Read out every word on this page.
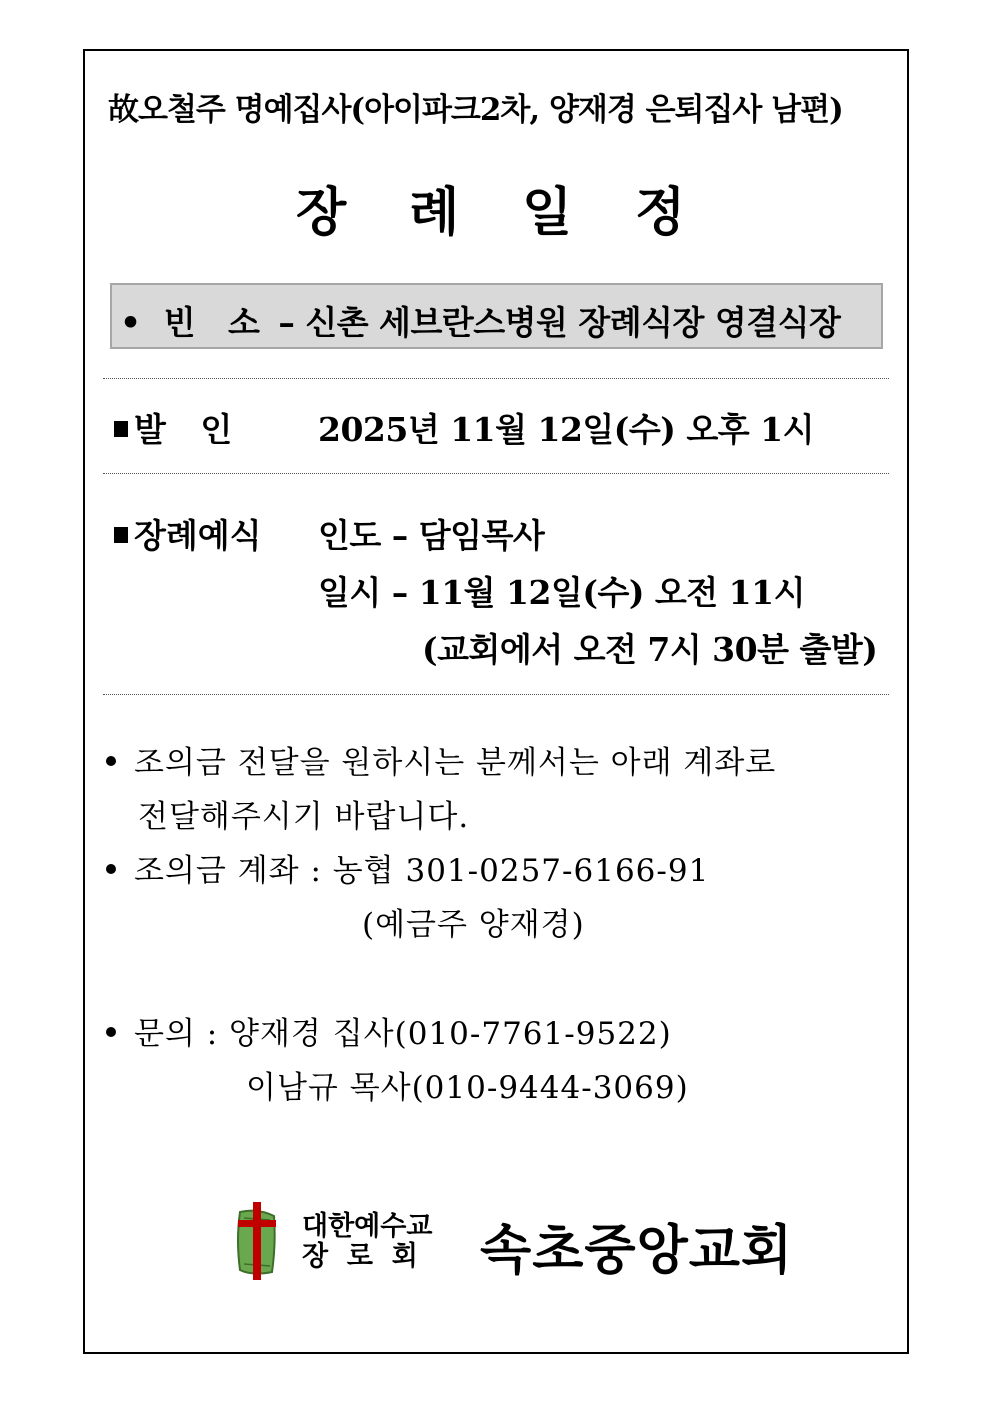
故오철주 명예집사(아이파크2차, 양재경 은퇴집사 남편)
장 례 일 정
• 빈   소 – 신촌 세브란스병원 장례식장 영결식장
발   인	2025년 11월 12일(수) 오후 1시
장례예식 인도 – 담임목사
일시 – 11월 12일(수) 오전 11시
(교회에서 오전 7시 30분 출발)
조의금 전달을 원하시는 분께서는 아래 계좌로
전달해주시기 바랍니다.
조의금 계좌 : 농협 301-0257-6166-91
(예금주 양재경)
문의 : 양재경 집사(010-7761-9522)
이남규 목사(010-9444-3069)
대한예수교
장  로  회 속초중앙교회
